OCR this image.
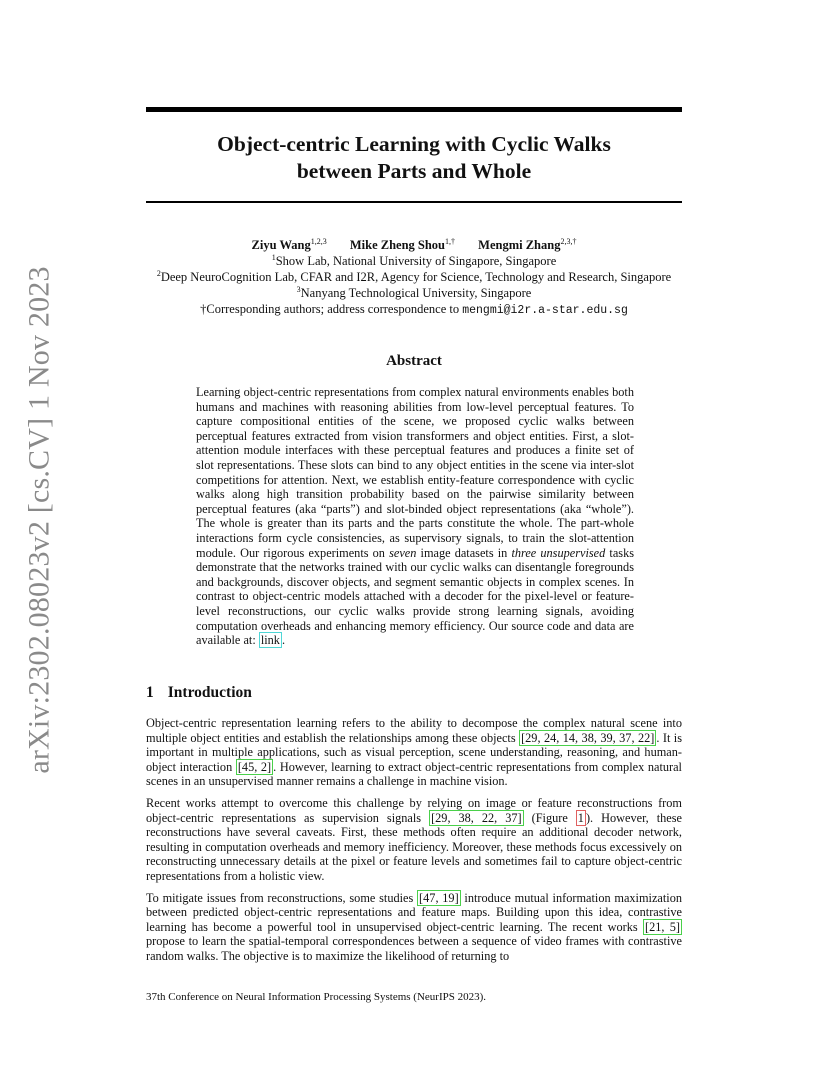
arXiv:2302.08023v2 [cs.CV] 1 Nov 2023
Object-centric Learning with Cyclic Walks
between Parts and Whole
Ziyu Wang$^{1,2,3}$ Mike Zheng Shou$^{1,\dagger}$ Mengmi Zhang$^{2,3,\dagger}$
$^1$Show Lab, National University of Singapore, Singapore
$^2$Deep NeuroCognition Lab, CFAR and I2R, Agency for Science, Technology and Research, Singapore
$^3$Nanyang Technological University, Singapore
†Corresponding authors; address correspondence to mengmi@i2r.a-star.edu.sg
Abstract
Learning object-centric representations from complex natural environments enables both humans and machines with reasoning abilities from low-level perceptual features. To capture compositional entities of the scene, we proposed cyclic walks between perceptual features extracted from vision transformers and object entities. First, a slot-attention module interfaces with these perceptual features and produces a finite set of slot representations. These slots can bind to any object entities in the scene via inter-slot competitions for attention. Next, we establish entity-feature correspondence with cyclic walks along high transition probability based on the pairwise similarity between perceptual features (aka “parts”) and slot-binded object representations (aka “whole”). The whole is greater than its parts and the parts constitute the whole. The part-whole interactions form cycle consistencies, as supervisory signals, to train the slot-attention module. Our rigorous experiments on seven image datasets in three unsupervised tasks demonstrate that the networks trained with our cyclic walks can disentangle foregrounds and backgrounds, discover objects, and segment semantic objects in complex scenes. In contrast to object-centric models attached with a decoder for the pixel-level or feature-level reconstructions, our cyclic walks provide strong learning signals, avoiding computation overheads and enhancing memory efficiency. Our source code and data are available at: link .
1 Introduction

Object-centric representation learning refers to the ability to decompose the complex natural scene into multiple object entities and establish the relationships among these objects [29, 24, 14, 38, 39, 37, 22] . It is important in multiple applications, such as visual perception, scene understanding, reasoning, and human-object interaction [45, 2] . However, learning to extract object-centric representations from complex natural scenes in an unsupervised manner remains a challenge in machine vision.

Recent works attempt to overcome this challenge by relying on image or feature reconstructions from object-centric representations as supervision signals [29, 38, 22, 37] (Figure 1 ). However, these reconstructions have several caveats. First, these methods often require an additional decoder network, resulting in computation overheads and memory inefficiency. Moreover, these methods focus excessively on reconstructing unnecessary details at the pixel or feature levels and sometimes fail to capture object-centric representations from a holistic view.

To mitigate issues from reconstructions, some studies [47, 19] introduce mutual information maximization between predicted object-centric representations and feature maps. Building upon this idea, contrastive learning has become a powerful tool in unsupervised object-centric learning. The recent works [21, 5] propose to learn the spatial-temporal correspondences between a sequence of video frames with contrastive random walks. The objective is to maximize the likelihood of returning to

37th Conference on Neural Information Processing Systems (NeurIPS 2023).
